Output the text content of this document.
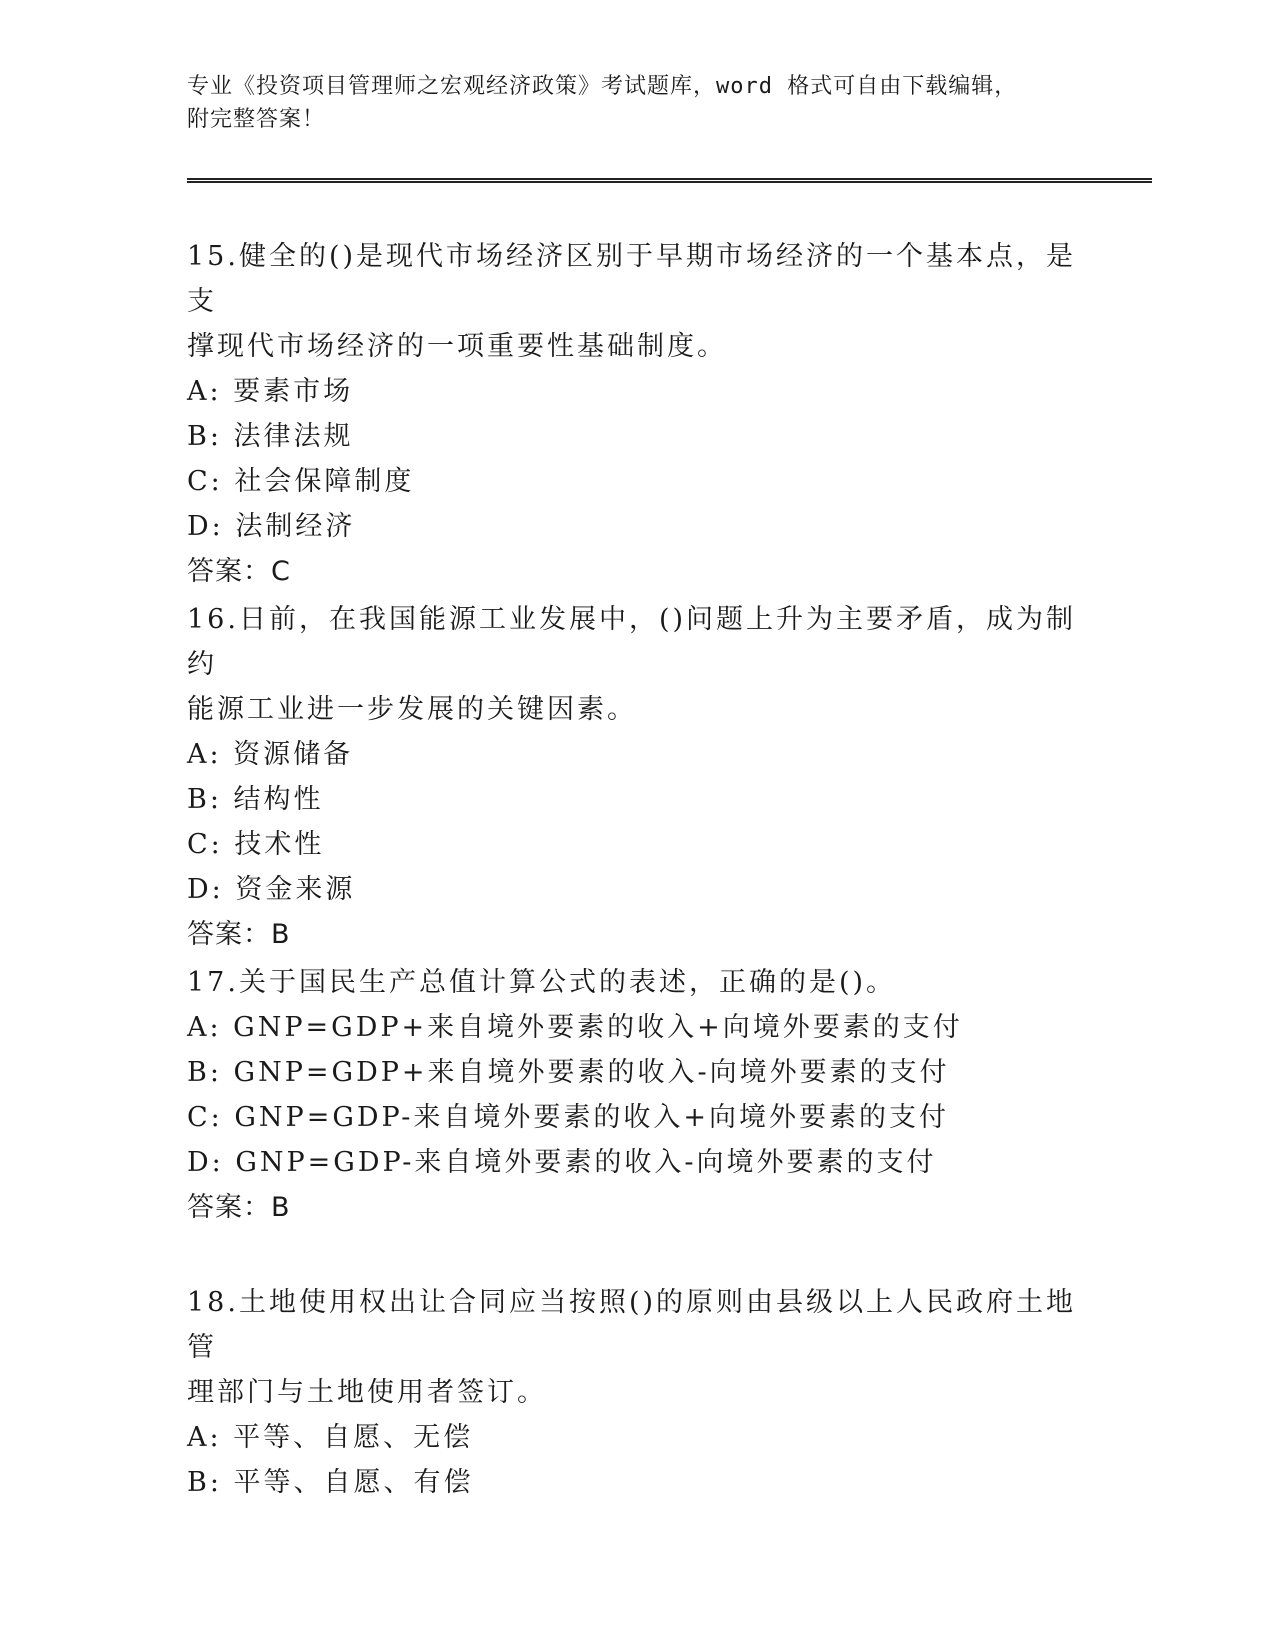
专业《投资项目管理师之宏观经济政策》考试题库，word 格式可自由下载编辑，
附完整答案！

15.健全的()是现代市场经济区别于早期市场经济的一个基本点，是支

撑现代市场经济的一项重要性基础制度。

A: 要素市场

B: 法律法规

C: 社会保障制度

D: 法制经济

答案：C

16.日前，在我国能源工业发展中，()问题上升为主要矛盾，成为制约

能源工业进一步发展的关键因素。

A: 资源储备

B: 结构性

C: 技术性

D: 资金来源

答案：B

17.关于国民生产总值计算公式的表述，正确的是()。

A: GNP=GDP+来自境外要素的收入+向境外要素的支付

B: GNP=GDP+来自境外要素的收入-向境外要素的支付

C: GNP=GDP-来自境外要素的收入+向境外要素的支付

D: GNP=GDP-来自境外要素的收入-向境外要素的支付

答案：B

18.土地使用权出让合同应当按照()的原则由县级以上人民政府土地管

理部门与土地使用者签订。

A: 平等、自愿、无偿

B: 平等、自愿、有偿
